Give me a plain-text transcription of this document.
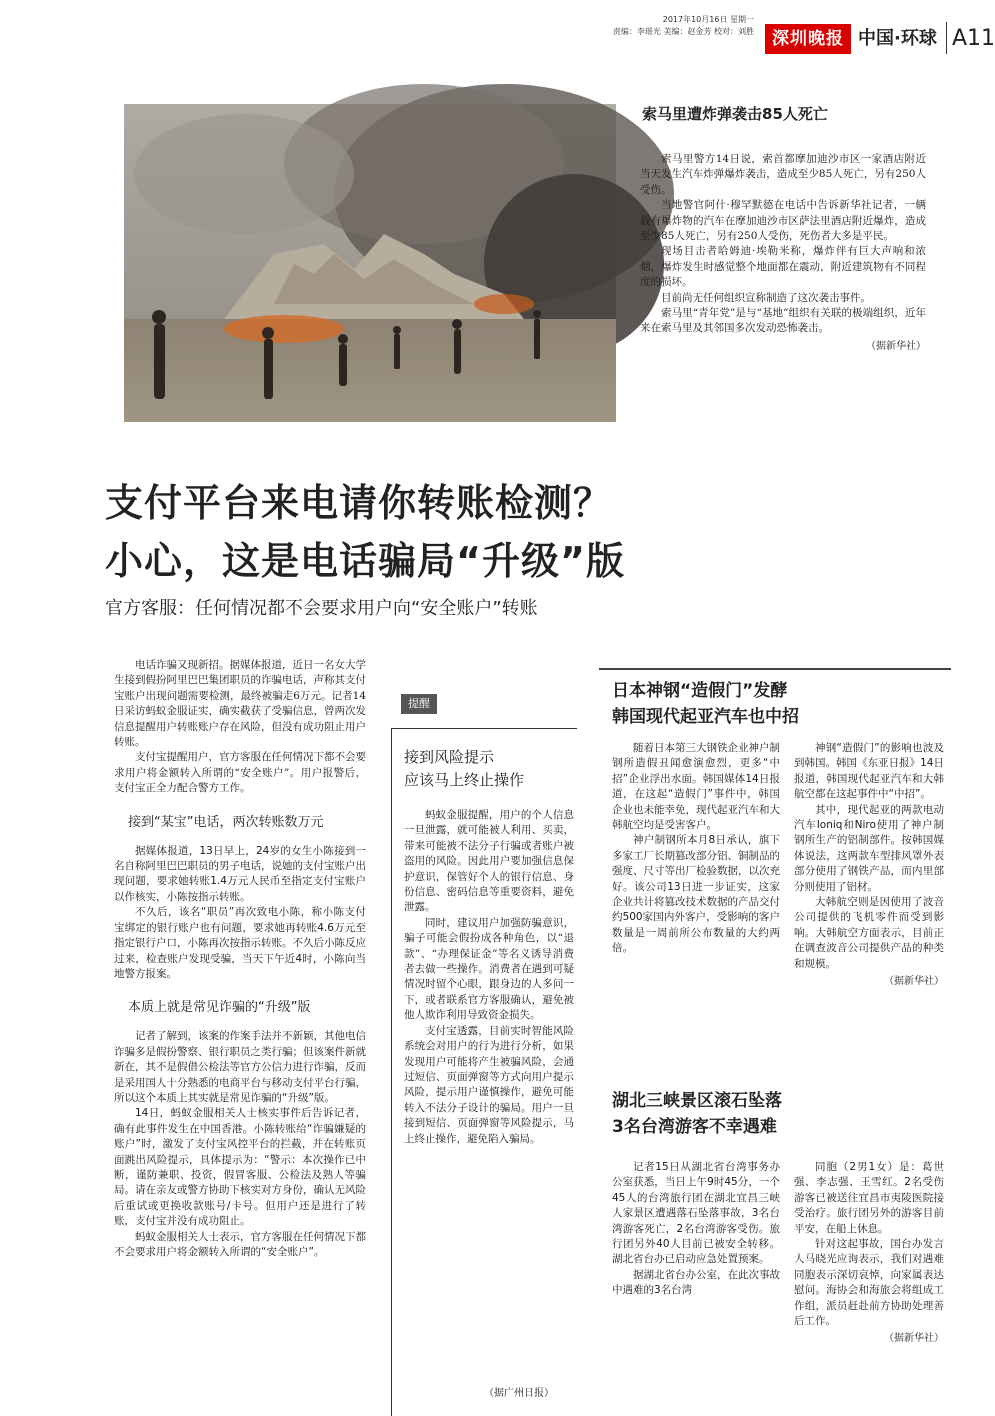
2017年10月16日 星期一
责编：李瑶光 美编：赵金芳 校对：刘胜	深圳晚报 中国·环球 A11
索马里遭炸弹袭击85人死亡

索马里警方14日说，索首都摩加迪沙市区一家酒店附近当天发生汽车炸弹爆炸袭击，造成至少85人死亡，另有250人受伤。

当地警官阿什·穆罕默德在电话中告诉新华社记者，一辆载有爆炸物的汽车在摩加迪沙市区萨法里酒店附近爆炸，造成至少85人死亡，另有250人受伤，死伤者大多是平民。

现场目击者哈姆迪·埃勒米称，爆炸伴有巨大声响和浓烟，爆炸发生时感觉整个地面都在震动，附近建筑物有不同程度的损坏。

目前尚无任何组织宣称制造了这次袭击事件。

索马里“青年党”是与“基地”组织有关联的极端组织，近年来在索马里及其邻国多次发动恐怖袭击。

（据新华社）

支付平台来电请你转账检测？
小心，这是电话骗局“升级”版
官方客服：任何情况都不会要求用户向“安全账户”转账

电话诈骗又现新招。据媒体报道，近日一名女大学生接到假扮阿里巴巴集团职员的诈骗电话，声称其支付宝账户出现问题需要检测，最终被骗走6万元。记者14日采访蚂蚁金服证实，确实截获了受骗信息，曾两次发信息提醒用户转账账户存在风险，但没有成功阻止用户转账。

支付宝提醒用户，官方客服在任何情况下都不会要求用户将金额转入所谓的“安全账户”。用户报警后，支付宝正全力配合警方工作。

接到“某宝”电话，两次转账数万元

据媒体报道，13日早上，24岁的女生小陈接到一名自称阿里巴巴职员的男子电话，说她的支付宝账户出现问题，要求她转账1.4万元人民币至指定支付宝账户以作核实，小陈按指示转账。

不久后，该名“职员”再次致电小陈，称小陈支付宝绑定的银行账户也有问题，要求她再转账4.6万元至指定银行户口，小陈再次按指示转账。不久后小陈反应过来，检查账户发现受骗，当天下午近4时，小陈向当地警方报案。

本质上就是常见诈骗的“升级”版

记者了解到，该案的作案手法并不新颖，其他电信诈骗多是假扮警察、银行职员之类行骗；但该案件新就新在，其不是假借公检法等官方公信力进行诈骗，反而是采用国人十分熟悉的电商平台与移动支付平台行骗，所以这个本质上其实就是常见诈骗的“升级”版。

14日，蚂蚁金服相关人士核实事件后告诉记者，确有此事件发生在中国香港。小陈转账给“诈骗嫌疑的账户”时，激发了支付宝风控平台的拦截，并在转账页面跳出风险提示，具体提示为：“警示：本次操作已中断，谨防兼职、投资，假冒客服、公检法及熟人等骗局。请在亲友或警方协助下核实对方身份，确认无风险后重试或更换收款账号/卡号。但用户还是进行了转账，支付宝并没有成功阻止。

蚂蚁金服相关人士表示，官方客服在任何情况下都不会要求用户将金额转入所谓的“安全账户”。

提醒
接到风险提示
应该马上终止操作

蚂蚁金服提醒，用户的个人信息一旦泄露，就可能被人利用、买卖，带来可能被不法分子行骗或者账户被盗用的风险。因此用户要加强信息保护意识，保管好个人的银行信息、身份信息、密码信息等重要资料，避免泄露。

同时，建议用户加强防骗意识，骗子可能会假扮成各种角色，以“退款”、“办理保证金”等名义诱导消费者去做一些操作。消费者在遇到可疑情况时留个心眼，跟身边的人多问一下，或者联系官方客服确认，避免被他人欺诈利用导致资金损失。

支付宝透露，目前实时智能风险系统会对用户的行为进行分析，如果发现用户可能将产生被骗风险，会通过短信、页面弹窗等方式向用户提示风险，提示用户谨慎操作，避免可能转入不法分子设计的骗局。用户一旦接到短信、页面弹窗等风险提示，马上终止操作，避免陷入骗局。

（据广州日报）
日本神钢“造假门”发酵
韩国现代起亚汽车也中招

随着日本第三大钢铁企业神户制钢所造假丑闻愈演愈烈，更多“中招”企业浮出水面。韩国媒体14日报道，在这起“造假门”事件中，韩国企业也未能幸免，现代起亚汽车和大韩航空均是受害客户。

神户制钢所本月8日承认，旗下多家工厂长期篡改部分铝、铜制品的强度、尺寸等出厂检验数据，以次充好。该公司13日进一步证实，这家企业共计将篡改技术数据的产品交付约500家国内外客户，受影响的客户数量是一周前所公布数量的大约两倍。

神钢“造假门”的影响也波及到韩国。韩国《东亚日报》14日报道，韩国现代起亚汽车和大韩航空都在这起事件中“中招”。

其中，现代起亚的两款电动汽车Ioniq和Niro使用了神户制钢所生产的铝制部件。按韩国媒体说法，这两款车型排风罩外表部分使用了钢铁产品，而内里部分则使用了铝材。

大韩航空则是因使用了波音公司提供的飞机零件而受到影响。大韩航空方面表示，目前正在调查波音公司提供产品的种类和规模。

（据新华社）

湖北三峡景区滚石坠落
3名台湾游客不幸遇难

记者15日从湖北省台湾事务办公室获悉，当日上午9时45分，一个45人的台湾旅行团在湖北宜昌三峡人家景区遭遇落石坠落事故，3名台湾游客死亡，2名台湾游客受伤。旅行团另外40人目前已被安全转移。湖北省台办已启动应急处置预案。

据湖北省台办公室，在此次事故中遇难的3名台湾

同胞（2男1女）是：葛世强、李志强、王雪红。2名受伤游客已被送往宜昌市夷陵医院接受治疗。旅行团另外的游客目前平安，在船上休息。

针对这起事故，国台办发言人马晓光应询表示，我们对遇难同胞表示深切哀悼，向家属表达慰问。海协会和海旅会将组成工作组，派员赶赴前方协助处理善后工作。

（据新华社）
